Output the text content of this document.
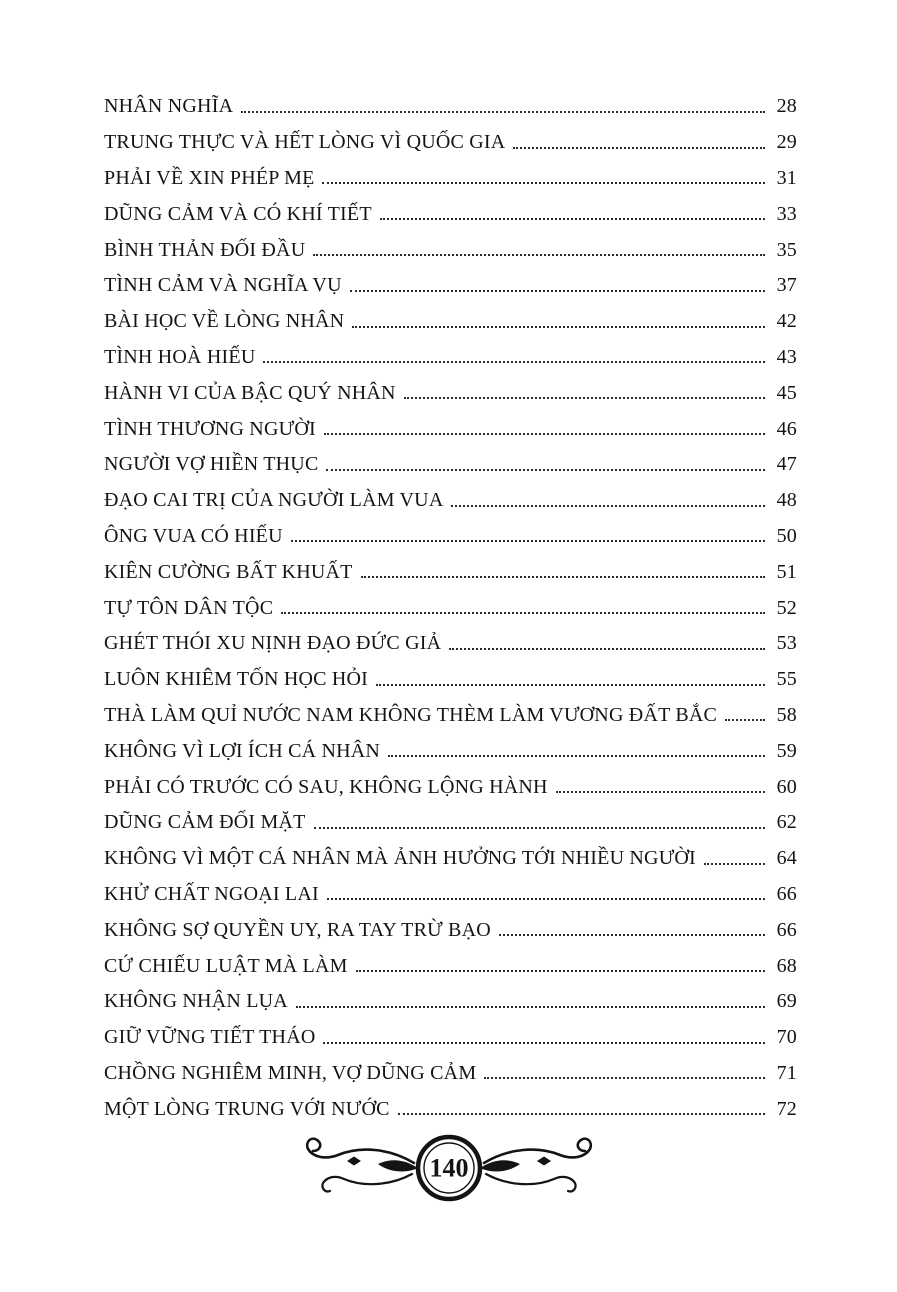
NHÂN NGHĨA	28
TRUNG THỰC VÀ HẾT LÒNG VÌ QUỐC GIA	29
PHẢI VỀ XIN PHÉP MẸ	31
DŨNG CẢM VÀ CÓ KHÍ TIẾT	33
BÌNH THẢN ĐỐI ĐẦU	35
TÌNH CẢM VÀ NGHĨA VỤ	37
BÀI HỌC VỀ LÒNG NHÂN	42
TÌNH HOÀ HIẾU	43
HÀNH VI CỦA BẬC QUÝ NHÂN	45
TÌNH THƯƠNG NGƯỜI	46
NGƯỜI VỢ HIỀN THỤC	47
ĐẠO CAI TRỊ CỦA NGƯỜI LÀM VUA	48
ÔNG VUA CÓ HIẾU	50
KIÊN CƯỜNG BẤT KHUẤT	51
TỰ TÔN DÂN TỘC	52
GHÉT THÓI XU NỊNH ĐẠO ĐỨC GIẢ	53
LUÔN KHIÊM TỐN HỌC HỎI	55
THÀ LÀM QUỈ NƯỚC NAM KHÔNG THÈM LÀM VƯƠNG ĐẤT BẮC	58
KHÔNG VÌ LỢI ÍCH CÁ NHÂN	59
PHẢI CÓ TRƯỚC CÓ SAU, KHÔNG LỘNG HÀNH	60
DŨNG CẢM ĐỐI MẶT	62
KHÔNG VÌ MỘT CÁ NHÂN MÀ ẢNH HƯỞNG TỚI NHIỀU NGƯỜI	64
KHỬ CHẤT NGOẠI LAI	66
KHÔNG SỢ QUYỀN UY, RA TAY TRỪ BẠO	66
CỨ CHIẾU LUẬT MÀ LÀM	68
KHÔNG NHẬN LỤA	69
GIỮ VỮNG TIẾT THÁO	70
CHỒNG NGHIÊM MINH, VỢ DŨNG CẢM	71
MỘT LÒNG TRUNG VỚI NƯỚC	72
140
